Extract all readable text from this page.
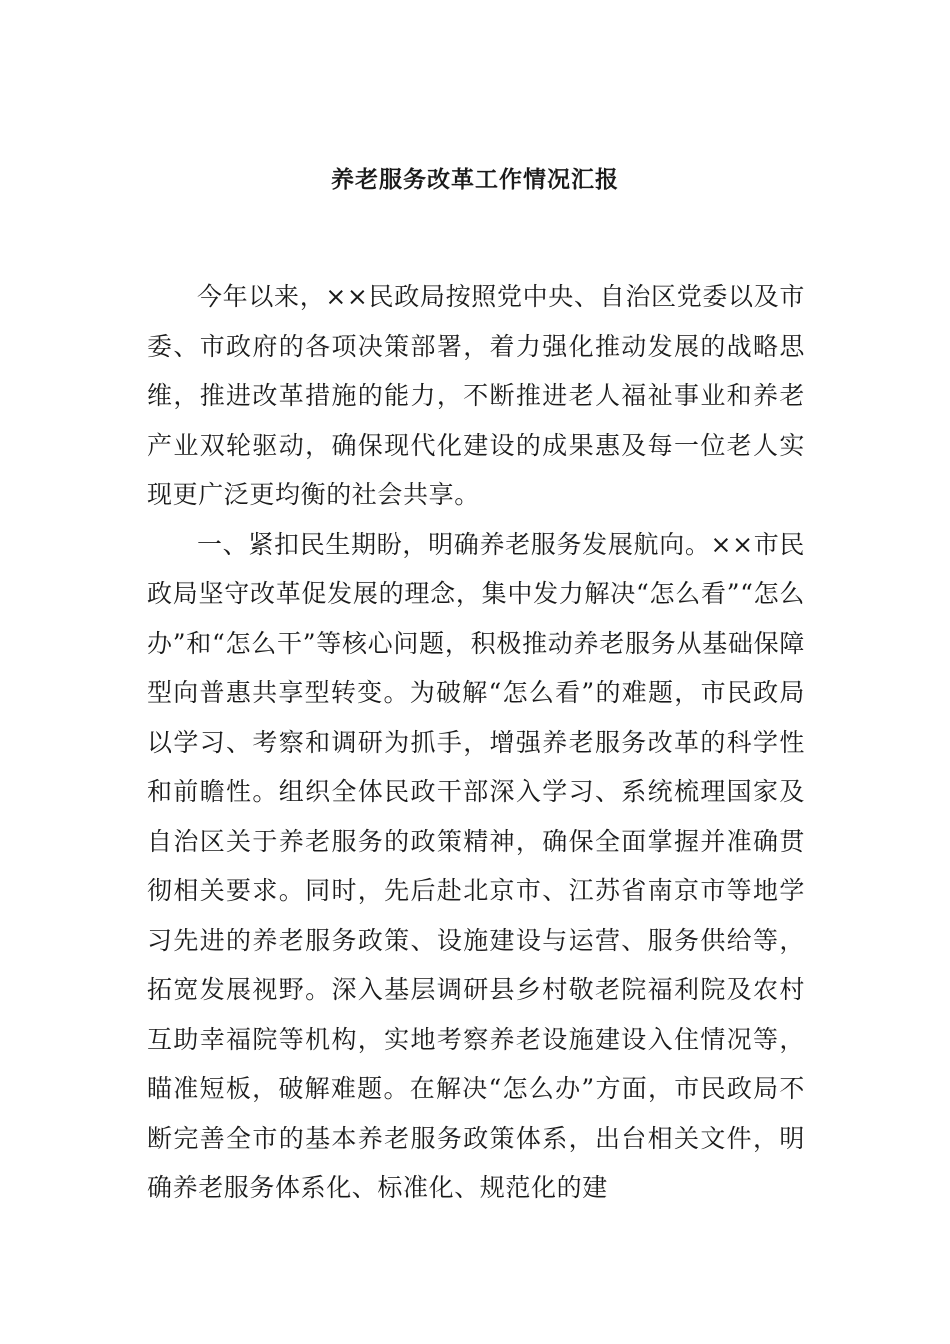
养老服务改革工作情况汇报

今年以来，××民政局按照党中央、自治区党委以及市委、市政府的各项决策部署，着力强化推动发展的战略思维，推进改革措施的能力，不断推进老人福祉事业和养老产业双轮驱动，确保现代化建设的成果惠及每一位老人实现更广泛更均衡的社会共享。

一、紧扣民生期盼，明确养老服务发展航向。××市民政局坚守改革促发展的理念，集中发力解决“怎么看”“怎么办”和“怎么干”等核心问题，积极推动养老服务从基础保障型向普惠共享型转变。为破解“怎么看”的难题，市民政局以学习、考察和调研为抓手，增强养老服务改革的科学性和前瞻性。组织全体民政干部深入学习、系统梳理国家及自治区关于养老服务的政策精神，确保全面掌握并准确贯彻相关要求。同时，先后赴北京市、江苏省南京市等地学习先进的养老服务政策、设施建设与运营、服务供给等，拓宽发展视野。深入基层调研县乡村敬老院福利院及农村互助幸福院等机构，实地考察养老设施建设入住情况等，瞄准短板，破解难题。在解决“怎么办”方面，市民政局不断完善全市的基本养老服务政策体系，出台相关文件，明确养老服务体系化、标准化、规范化的建
